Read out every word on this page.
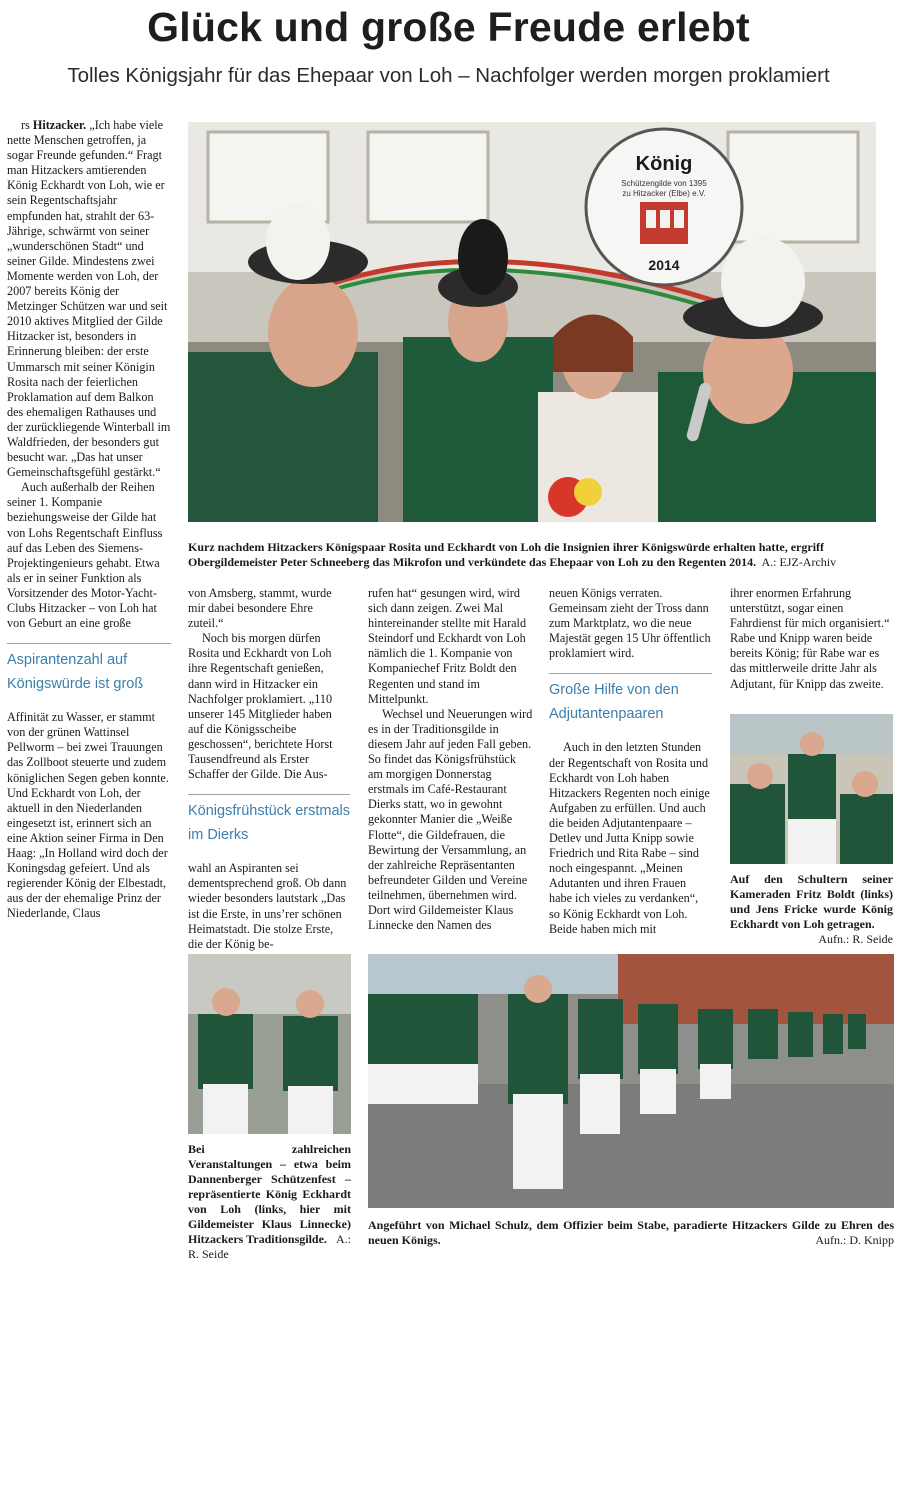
Glück und große Freude erlebt
Tolles Königsjahr für das Ehepaar von Loh – Nachfolger werden morgen proklamiert

rs Hitzacker. „Ich habe viele nette Menschen getroffen, ja sogar Freunde gefunden.“ Fragt man Hitzackers amtierenden König Eckhardt von Loh, wie er sein Regentschaftsjahr empfunden hat, strahlt der 63-Jährige, schwärmt von seiner „wunderschönen Stadt“ und seiner Gilde. Mindestens zwei Momente werden von Loh, der 2007 bereits König der Metzinger Schützen war und seit 2010 aktives Mitglied der Gilde Hitzacker ist, besonders in Erinnerung bleiben: der erste Ummarsch mit seiner Königin Rosita nach der feierlichen Proklamation auf dem Balkon des ehemaligen Rathauses und der zurückliegende Winterball im Waldfrieden, der besonders gut besucht war. „Das hat unser Gemeinschaftsgefühl gestärkt.“

Auch außerhalb der Reihen seiner 1. Kompanie beziehungsweise der Gilde hat von Lohs Regentschaft Einfluss auf das Leben des Siemens-Projektingenieurs gehabt. Etwa als er in seiner Funktion als Vorsitzender des Motor-Yacht-Clubs Hitzacker – von Loh hat von Geburt an eine große

Aspirantenzahl auf Königswürde ist groß

Affinität zu Wasser, er stammt von der grünen Wattinsel Pellworm – bei zwei Trauungen das Zollboot steuerte und zudem königlichen Segen geben konnte. Und Eckhardt von Loh, der aktuell in den Niederlanden eingesetzt ist, erinnert sich an eine Aktion seiner Firma in Den Haag: „In Holland wird doch der Koningsdag gefeiert. Und als regierender König der Elbestadt, aus der der ehemalige Prinz der Niederlande, Claus

König
Schützengilde von 1395
zu Hitzacker (Elbe) e.V.
2014
Kurz nachdem Hitzackers Königspaar Rosita und Eckhardt von Loh die Insignien ihrer Königswürde erhalten hatte, ergriff Obergildemeister Peter Schneeberg das Mikrofon und verkündete das Ehepaar von Loh zu den Regenten 2014. A.: EJZ-Archiv

von Amsberg, stammt, wurde mir dabei besondere Ehre zuteil.“

Noch bis morgen dürfen Rosita und Eckhardt von Loh ihre Regentschaft genießen, dann wird in Hitzacker ein Nachfolger proklamiert. „110 unserer 145 Mitglieder haben auf die Königsscheibe geschossen“, berichtete Horst Tausendfreund als Erster Schaffer der Gilde. Die Aus-

Königsfrühstück erstmals im Dierks

wahl an Aspiranten sei dementsprechend groß. Ob dann wieder besonders lautstark „Das ist die Erste, in uns’rer schönen Heimatstadt. Die stolze Erste, die der König be-

rufen hat“ gesungen wird, wird sich dann zeigen. Zwei Mal hintereinander stellte mit Harald Steindorf und Eckhardt von Loh nämlich die 1. Kompanie von Kompaniechef Fritz Boldt den Regenten und stand im Mittelpunkt.

Wechsel und Neuerungen wird es in der Traditionsgilde in diesem Jahr auf jeden Fall geben. So findet das Königsfrühstück am morgigen Donnerstag erstmals im Café-Restaurant Dierks statt, wo in gewohnt gekonnter Manier die „Weiße Flotte“, die Gildefrauen, die Bewirtung der Versammlung, an der zahlreiche Repräsentanten befreundeter Gilden und Vereine teilnehmen, übernehmen wird. Dort wird Gildemeister Klaus Linnecke den Namen des

neuen Königs verraten. Gemeinsam zieht der Tross dann zum Marktplatz, wo die neue Majestät gegen 15 Uhr öffentlich proklamiert wird.

Große Hilfe von den Adjutantenpaaren

Auch in den letzten Stunden der Regentschaft von Rosita und Eckhardt von Loh haben Hitzackers Regenten noch einige Aufgaben zu erfüllen. Und auch die beiden Adjutantenpaare – Detlev und Jutta Knipp sowie Friedrich und Rita Rabe – sind noch eingespannt. „Meinen Adutanten und ihren Frauen habe ich vieles zu verdanken“, so König Eckhardt von Loh. Beide haben mich mit

ihrer enormen Erfahrung unterstützt, sogar einen Fahrdienst für mich organisiert.“ Rabe und Knipp waren beide bereits König; für Rabe war es das mittlerweile dritte Jahr als Adjutant, für Knipp das zweite.

Auf den Schultern seiner Kameraden Fritz Boldt (links) und Jens Fricke wurde König Eckhardt von Loh getragen.
Aufn.: R. Seide
Bei zahlreichen Veranstaltungen – etwa beim Dannenberger Schützenfest – repräsentierte König Eckhardt von Loh (links, hier mit Gildemeister Klaus Linnecke) Hitzackers Traditionsgilde. A.: R. Seide
Angeführt von Michael Schulz, dem Offizier beim Stabe, paradierte Hitzackers Gilde zu Ehren des neuen Königs.	Aufn.: D. Knipp
